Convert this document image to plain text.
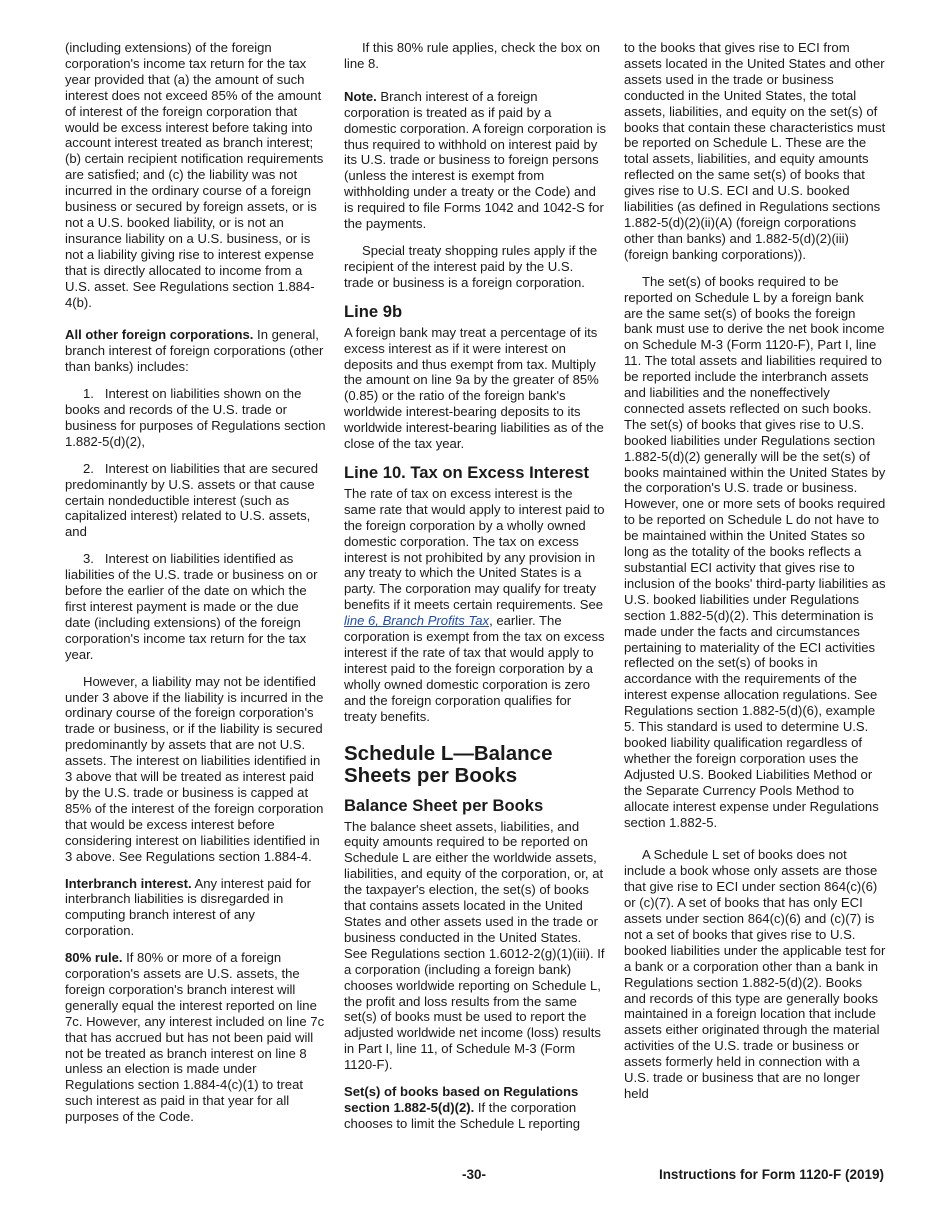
(including extensions) of the foreign corporation's income tax return for the tax year provided that (a) the amount of such interest does not exceed 85% of the amount of interest of the foreign corporation that would be excess interest before taking into account interest treated as branch interest; (b) certain recipient notification requirements are satisfied; and (c) the liability was not incurred in the ordinary course of a foreign business or secured by foreign assets, or is not a U.S. booked liability, or is not an insurance liability on a U.S. business, or is not a liability giving rise to interest expense that is directly allocated to income from a U.S. asset. See Regulations section 1.884-4(b).

All other foreign corporations. In general, branch interest of foreign corporations (other than banks) includes:

1.   Interest on liabilities shown on the books and records of the U.S. trade or business for purposes of Regulations section 1.882-5(d)(2),

2.   Interest on liabilities that are secured predominantly by U.S. assets or that cause certain nondeductible interest (such as capitalized interest) related to U.S. assets, and

3.   Interest on liabilities identified as liabilities of the U.S. trade or business on or before the earlier of the date on which the first interest payment is made or the due date (including extensions) of the foreign corporation's income tax return for the tax year.

However, a liability may not be identified under 3 above if the liability is incurred in the ordinary course of the foreign corporation's trade or business, or if the liability is secured predominantly by assets that are not U.S. assets. The interest on liabilities identified in 3 above that will be treated as interest paid by the U.S. trade or business is capped at 85% of the interest of the foreign corporation that would be excess interest before considering interest on liabilities identified in 3 above. See Regulations section 1.884-4.

Interbranch interest. Any interest paid for interbranch liabilities is disregarded in computing branch interest of any corporation.

80% rule. If 80% or more of a foreign corporation's assets are U.S. assets, the foreign corporation's branch interest will generally equal the interest reported on line 7c. However, any interest included on line 7c that has accrued but has not been paid will not be treated as branch interest on line 8 unless an election is made under Regulations section 1.884-4(c)(1) to treat such interest as paid in that year for all purposes of the Code.

If this 80% rule applies, check the box on line 8.

Note. Branch interest of a foreign corporation is treated as if paid by a domestic corporation. A foreign corporation is thus required to withhold on interest paid by its U.S. trade or business to foreign persons (unless the interest is exempt from withholding under a treaty or the Code) and is required to file Forms 1042 and 1042-S for the payments.

Special treaty shopping rules apply if the recipient of the interest paid by the U.S. trade or business is a foreign corporation.

Line 9b

A foreign bank may treat a percentage of its excess interest as if it were interest on deposits and thus exempt from tax. Multiply the amount on line 9a by the greater of 85% (0.85) or the ratio of the foreign bank's worldwide interest-bearing deposits to its worldwide interest-bearing liabilities as of the close of the tax year.

Line 10. Tax on Excess Interest

The rate of tax on excess interest is the same rate that would apply to interest paid to the foreign corporation by a wholly owned domestic corporation. The tax on excess interest is not prohibited by any provision in any treaty to which the United States is a party. The corporation may qualify for treaty benefits if it meets certain requirements. See line 6, Branch Profits Tax, earlier. The corporation is exempt from the tax on excess interest if the rate of tax that would apply to interest paid to the foreign corporation by a wholly owned domestic corporation is zero and the foreign corporation qualifies for treaty benefits.

Schedule L—Balance Sheets per Books
Balance Sheet per Books

The balance sheet assets, liabilities, and equity amounts required to be reported on Schedule L are either the worldwide assets, liabilities, and equity of the corporation, or, at the taxpayer's election, the set(s) of books that contains assets located in the United States and other assets used in the trade or business conducted in the United States. See Regulations section 1.6012-2(g)(1)(iii). If a corporation (including a foreign bank) chooses worldwide reporting on Schedule L, the profit and loss results from the same set(s) of books must be used to report the adjusted worldwide net income (loss) results in Part I, line 11, of Schedule M-3 (Form 1120-F).

Set(s) of books based on Regulations section 1.882-5(d)(2). If the corporation chooses to limit the Schedule L reporting

to the books that gives rise to ECI from assets located in the United States and other assets used in the trade or business conducted in the United States, the total assets, liabilities, and equity on the set(s) of books that contain these characteristics must be reported on Schedule L. These are the total assets, liabilities, and equity amounts reflected on the same set(s) of books that gives rise to U.S. ECI and U.S. booked liabilities (as defined in Regulations sections 1.882-5(d)(2)(ii)(A) (foreign corporations other than banks) and 1.882-5(d)(2)(iii) (foreign banking corporations)).

The set(s) of books required to be reported on Schedule L by a foreign bank are the same set(s) of books the foreign bank must use to derive the net book income on Schedule M-3 (Form 1120-F), Part I, line 11. The total assets and liabilities required to be reported include the interbranch assets and liabilities and the noneffectively connected assets reflected on such books. The set(s) of books that gives rise to U.S. booked liabilities under Regulations section 1.882-5(d)(2) generally will be the set(s) of books maintained within the United States by the corporation's U.S. trade or business. However, one or more sets of books required to be reported on Schedule L do not have to be maintained within the United States so long as the totality of the books reflects a substantial ECI activity that gives rise to inclusion of the books' third-party liabilities as U.S. booked liabilities under Regulations section 1.882-5(d)(2). This determination is made under the facts and circumstances pertaining to materiality of the ECI activities reflected on the set(s) of books in accordance with the requirements of the interest expense allocation regulations. See Regulations section 1.882-5(d)(6), example 5. This standard is used to determine U.S. booked liability qualification regardless of whether the foreign corporation uses the Adjusted U.S. Booked Liabilities Method or the Separate Currency Pools Method to allocate interest expense under Regulations section 1.882-5.

A Schedule L set of books does not include a book whose only assets are those that give rise to ECI under section 864(c)(6) or (c)(7). A set of books that has only ECI assets under section 864(c)(6) and (c)(7) is not a set of books that gives rise to U.S. booked liabilities under the applicable test for a bank or a corporation other than a bank in Regulations section 1.882-5(d)(2). Books and records of this type are generally books maintained in a foreign location that include assets either originated through the material activities of the U.S. trade or business or assets formerly held in connection with a U.S. trade or business that are no longer held

-30-	Instructions for Form 1120-F (2019)
